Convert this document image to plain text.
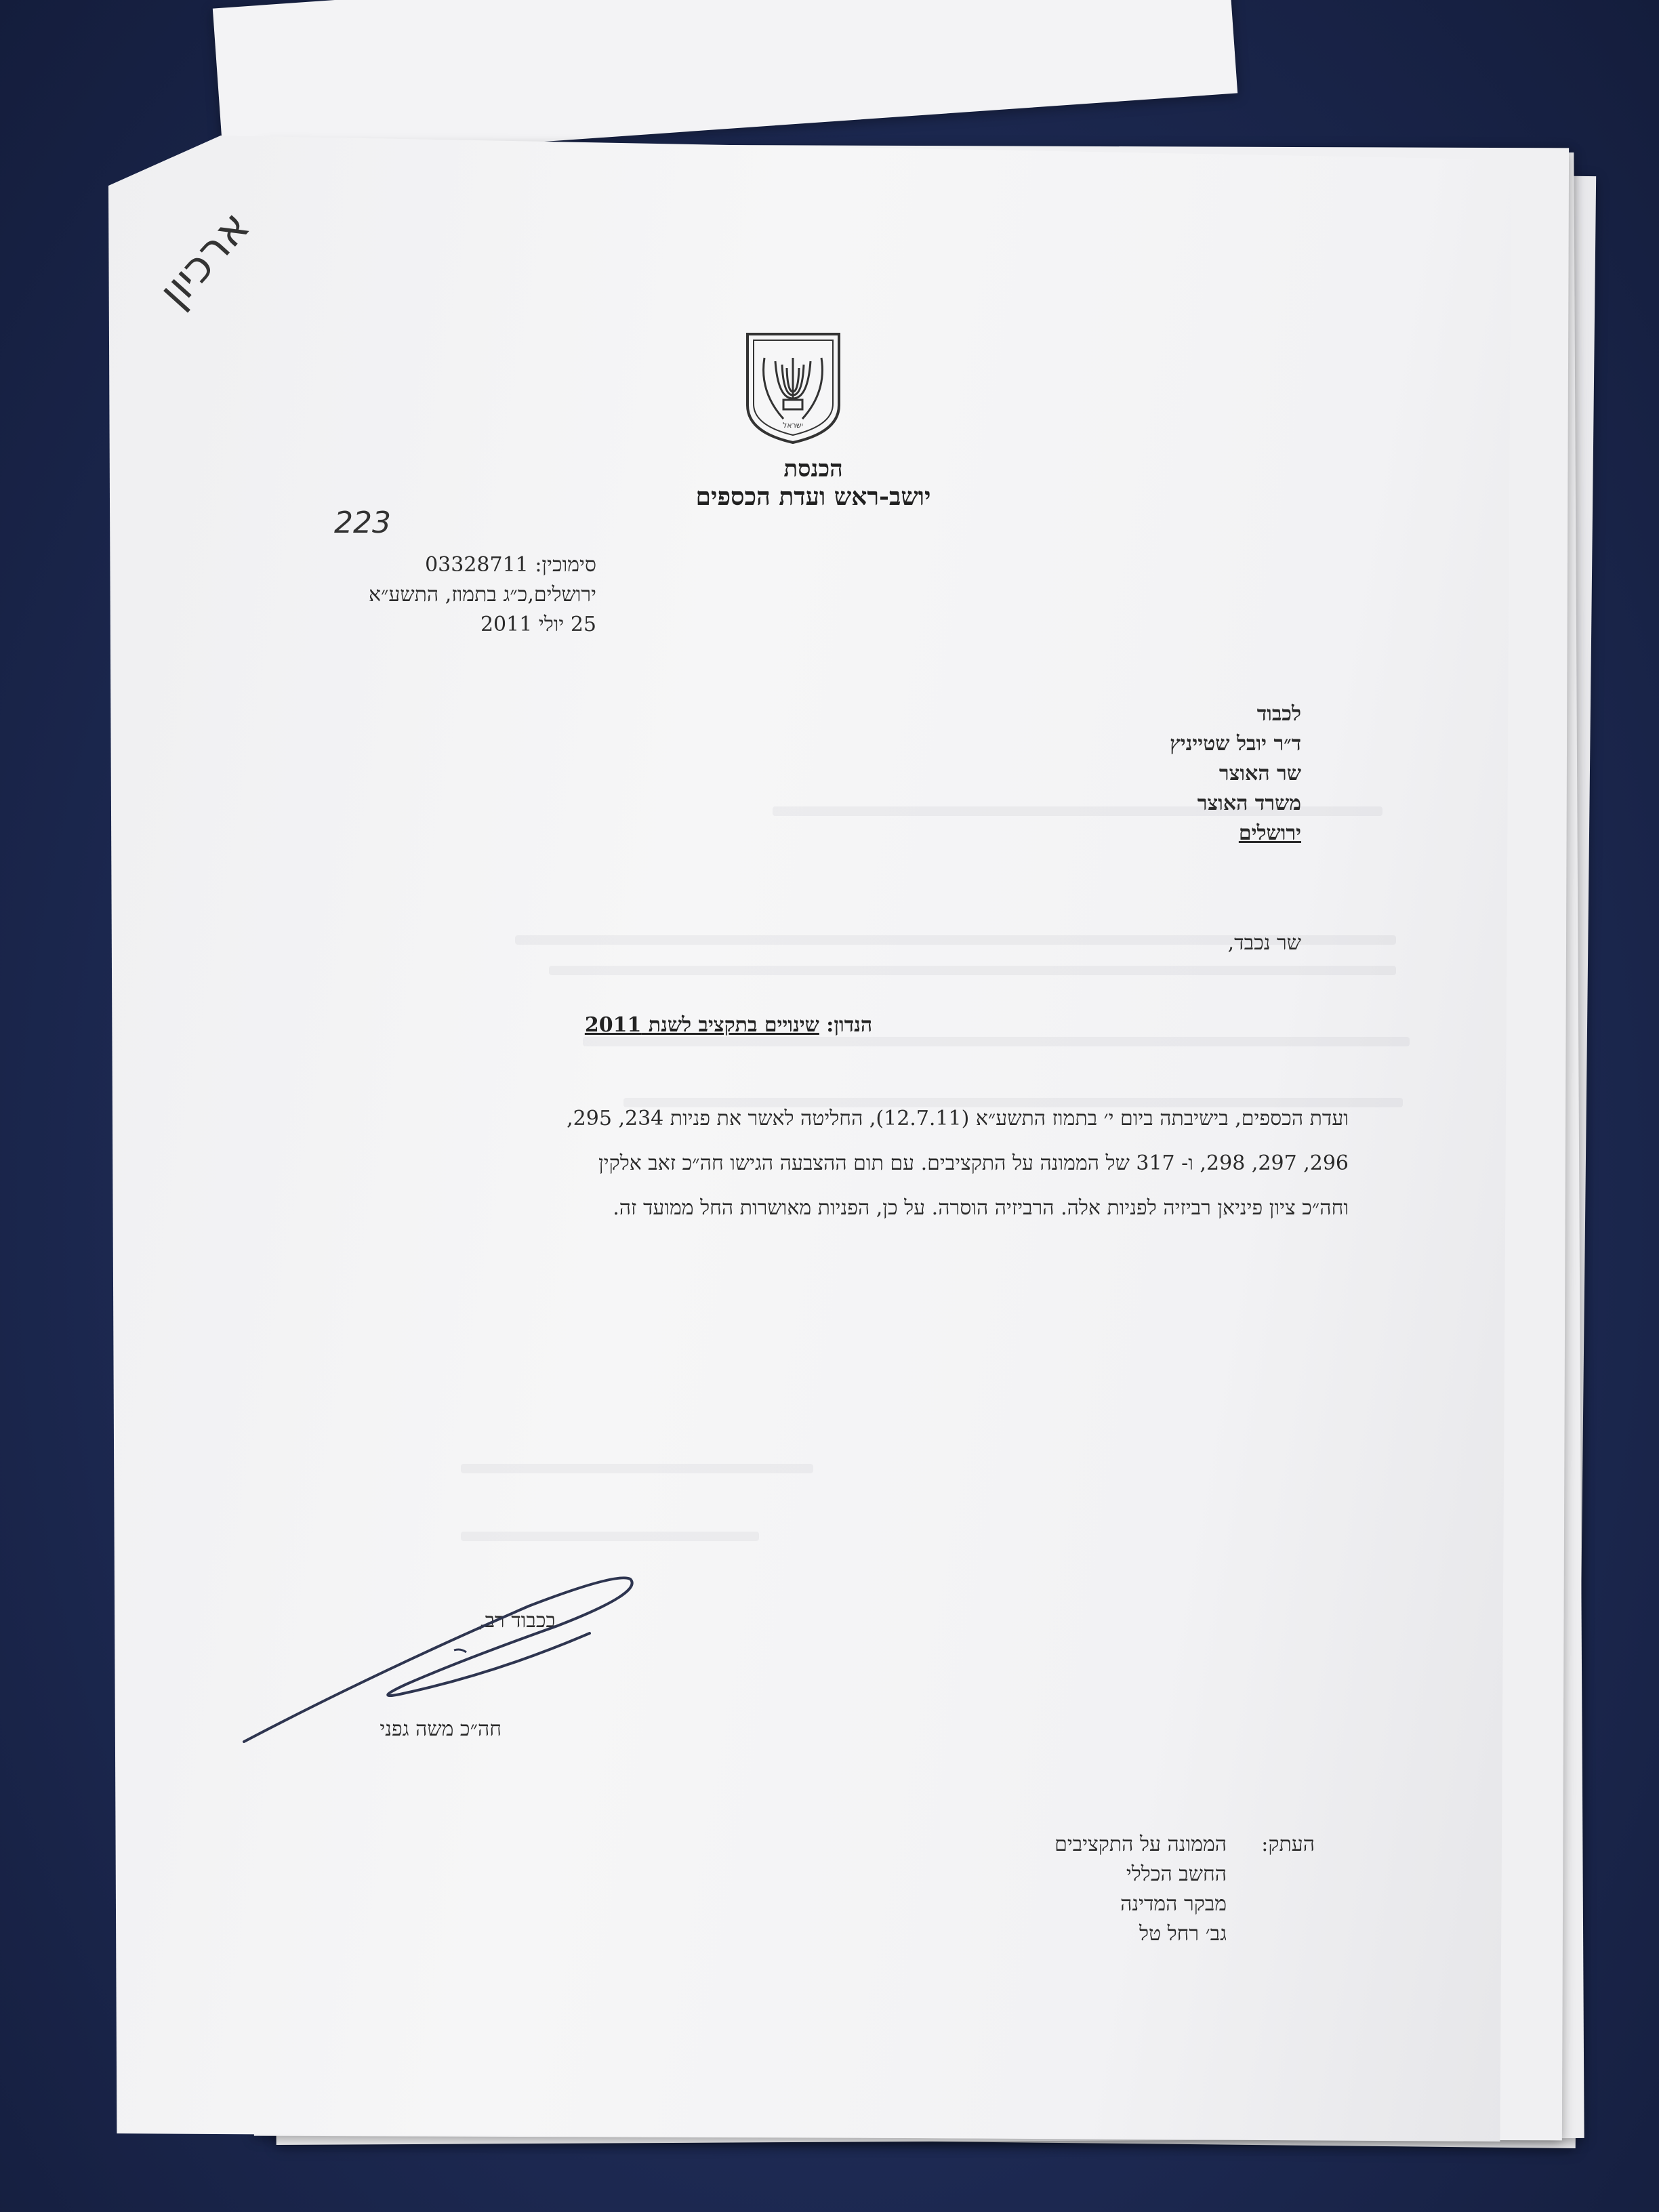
ישראל
הכנסת
יושב-ראש ועדת הכספים
ארכיון
223
סימוכין: 03328711
ירושלים,כ״ג בתמוז, התשע״א
25 יולי 2011
לכבוד
ד״ר יובל שטייניץ
שר האוצר
משרד האוצר
ירושלים
שר נכבד,
הנדון: שינויים בתקציב לשנת 2011
ועדת הכספים, בישיבתה ביום י׳ בתמוז התשע״א (12.7.11), החליטה לאשר את פניות 234, 295,
296, 297, 298, ו- 317 של הממונה על התקציבים. עם תום ההצבעה הגישו חה״כ זאב אלקין
וחה״כ ציון פיניאן רביזיה לפניות אלה. הרביזיה הוסרה. על כן, הפניות מאושרות החל ממועד זה.
בכבוד רב,
חה״כ משה גפני
העתק:
הממונה על התקציבים
החשב הכללי
מבקר המדינה
גב׳ רחל טל
